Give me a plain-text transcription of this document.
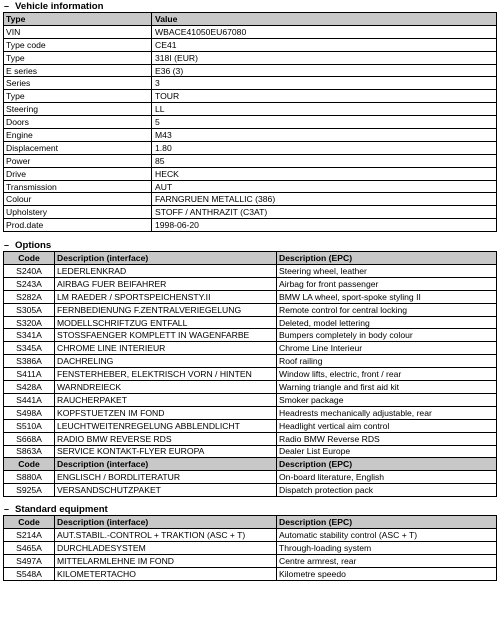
– Vehicle information
Type	Value
VIN	WBACE41050EU67080
Type code	CE41
Type	318I (EUR)
E series	E36 (3)
Series	3
Type	TOUR
Steering	LL
Doors	5
Engine	M43
Displacement	1.80
Power	85
Drive	HECK
Transmission	AUT
Colour	FARNGRUEN METALLIC (386)
Upholstery	STOFF / ANTHRAZIT (C3AT)
Prod.date	1998-06-20
– Options
Code	Description (interface)	Description (EPC)
S240A	LEDERLENKRAD	Steering wheel, leather
S243A	AIRBAG FUER BEIFAHRER	Airbag for front passenger
S282A	LM RAEDER / SPORTSPEICHENSTY.II	BMW LA wheel, sport-spoke styling II
S305A	FERNBEDIENUNG F.ZENTRALVERIEGELUNG	Remote control for central locking
S320A	MODELLSCHRIFTZUG ENTFALL	Deleted, model lettering
S341A	STOSSFAENGER KOMPLETT IN WAGENFARBE	Bumpers completely in body colour
S345A	CHROME LINE INTERIEUR	Chrome Line Interieur
S386A	DACHRELING	Roof railing
S411A	FENSTERHEBER, ELEKTRISCH VORN / HINTEN	Window lifts, electric, front / rear
S428A	WARNDREIECK	Warning triangle and first aid kit
S441A	RAUCHERPAKET	Smoker package
S498A	KOPFSTUETZEN IM FOND	Headrests mechanically adjustable, rear
S510A	LEUCHTWEITENREGELUNG ABBLENDLICHT	Headlight vertical aim control
S668A	RADIO BMW REVERSE RDS	Radio BMW Reverse RDS
S863A	SERVICE KONTAKT-FLYER EUROPA	Dealer List Europe
Code	Description (interface)	Description (EPC)
S880A	ENGLISCH / BORDLITERATUR	On-board literature, English
S925A	VERSANDSCHUTZPAKET	Dispatch protection pack
– Standard equipment
Code	Description (interface)	Description (EPC)
S214A	AUT.STABIL.-CONTROL + TRAKTION (ASC + T)	Automatic stability control (ASC + T)
S465A	DURCHLADESYSTEM	Through-loading system
S497A	MITTELARMLEHNE IM FOND	Centre armrest, rear
S548A	KILOMETERTACHO	Kilometre speedo
